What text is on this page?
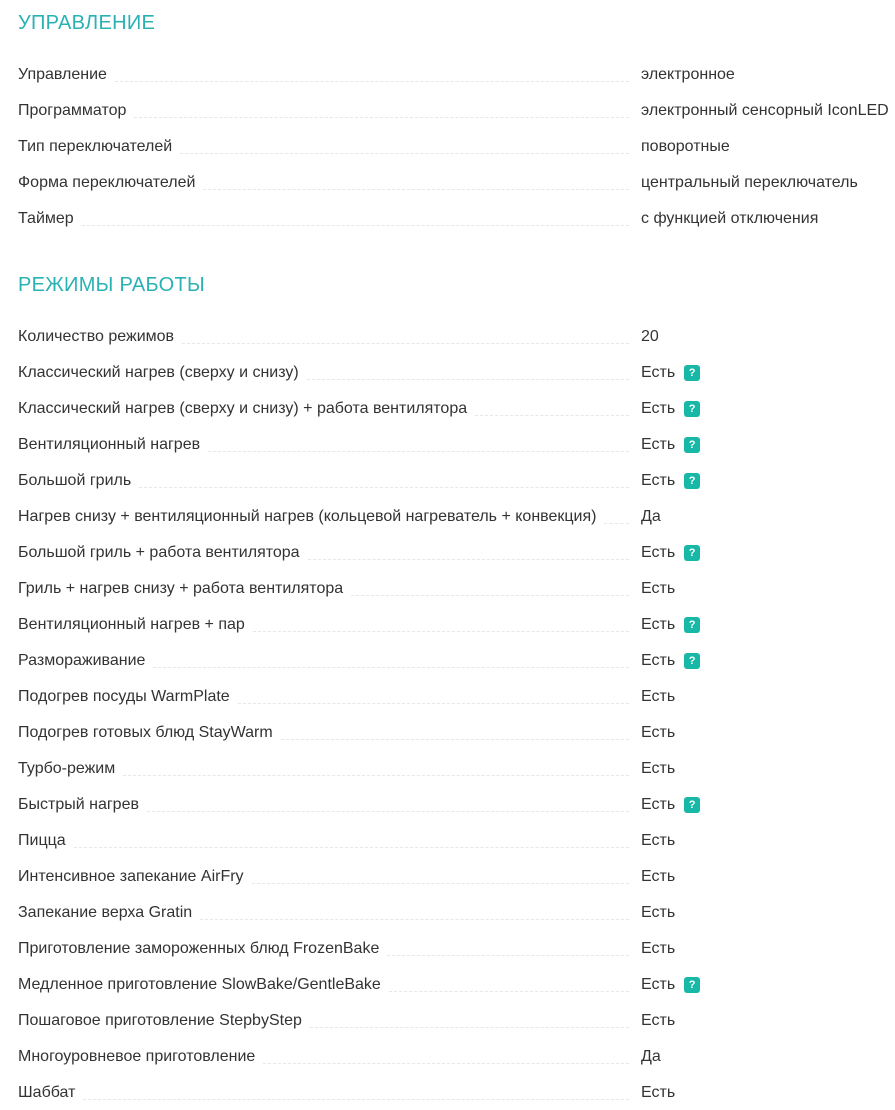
УПРАВЛЕНИЕ
Управление	электронное
Программатор	электронный сенсорный IconLED
Тип переключателей	поворотные
Форма переключателей	центральный переключатель
Таймер	с функцией отключения
РЕЖИМЫ РАБОТЫ
Количество режимов	20
Классический нагрев (сверху и снизу)	Есть	?
Классический нагрев (сверху и снизу) + работа вентилятора	Есть	?
Вентиляционный нагрев	Есть	?
Большой гриль	Есть	?
Нагрев снизу + вентиляционный нагрев (кольцевой нагреватель + конвекция)	Да
Большой гриль + работа вентилятора	Есть	?
Гриль + нагрев снизу + работа вентилятора	Есть
Вентиляционный нагрев + пар	Есть	?
Размораживание	Есть	?
Подогрев посуды WarmPlate	Есть
Подогрев готовых блюд StayWarm	Есть
Турбо-режим	Есть
Быстрый нагрев	Есть	?
Пицца	Есть
Интенсивное запекание AirFry	Есть
Запекание верха Gratin	Есть
Приготовление замороженных блюд FrozenBake	Есть
Медленное приготовление SlowBake/GentleBake	Есть	?
Пошаговое приготовление StepbyStep	Есть
Многоуровневое приготовление	Да
Шаббат	Есть
